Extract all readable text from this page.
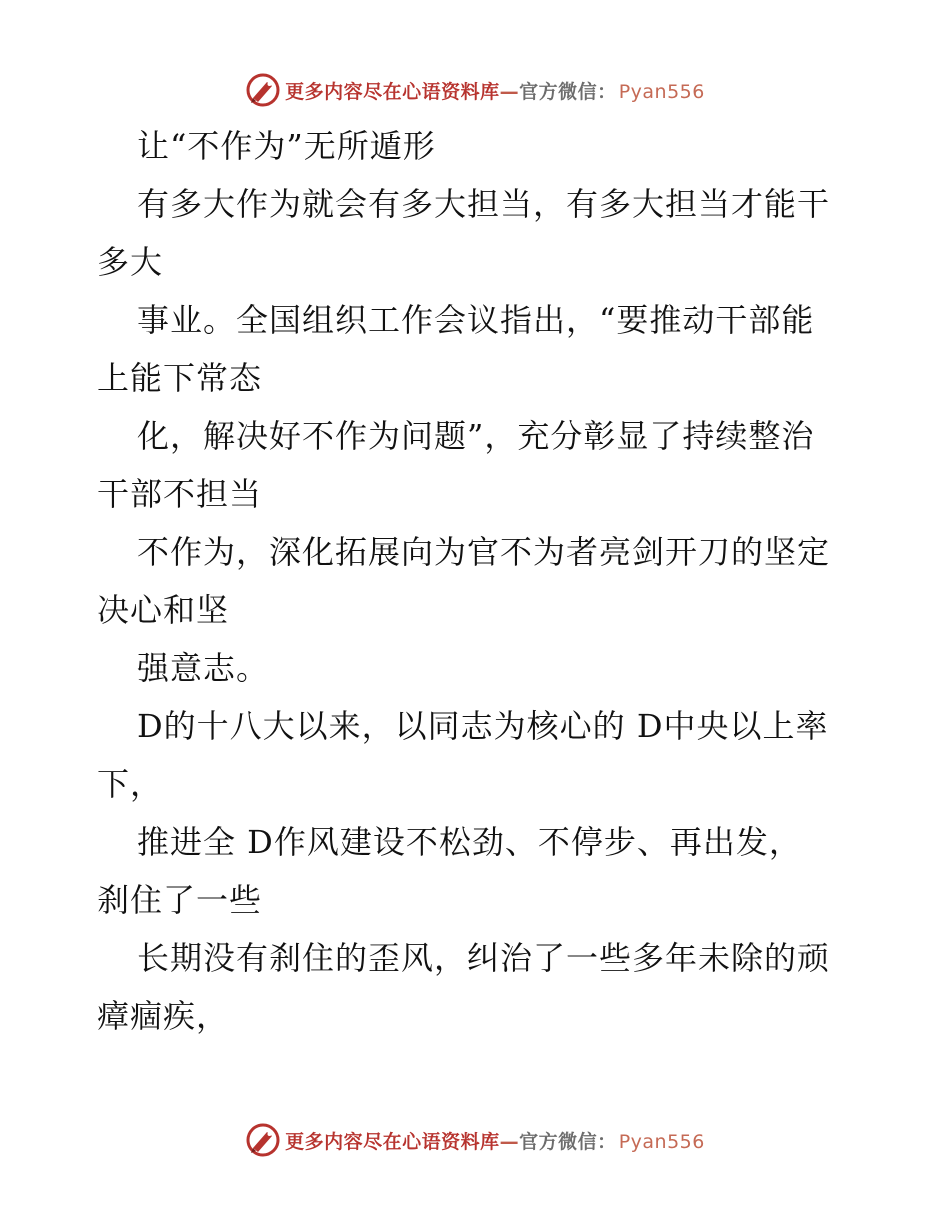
更多内容尽在心语资料库—官方微信： Pyan556
让“不作为”无所遁形
有多大作为就会有多大担当，有多大担当才能干
多大
事业。全国组织工作会议指出，“要推动干部能
上能下常态
化，解决好不作为问题”，充分彰显了持续整治
干部不担当
不作为，深化拓展向为官不为者亮剑开刀的坚定
决心和坚
强意志。
D的十八大以来，以同志为核心的 D中央以上率
下，
推进全 D作风建设不松劲、不停步、再出发，
刹住了一些
长期没有刹住的歪风，纠治了一些多年未除的顽
瘴痼疾，
更多内容尽在心语资料库—官方微信： Pyan556
